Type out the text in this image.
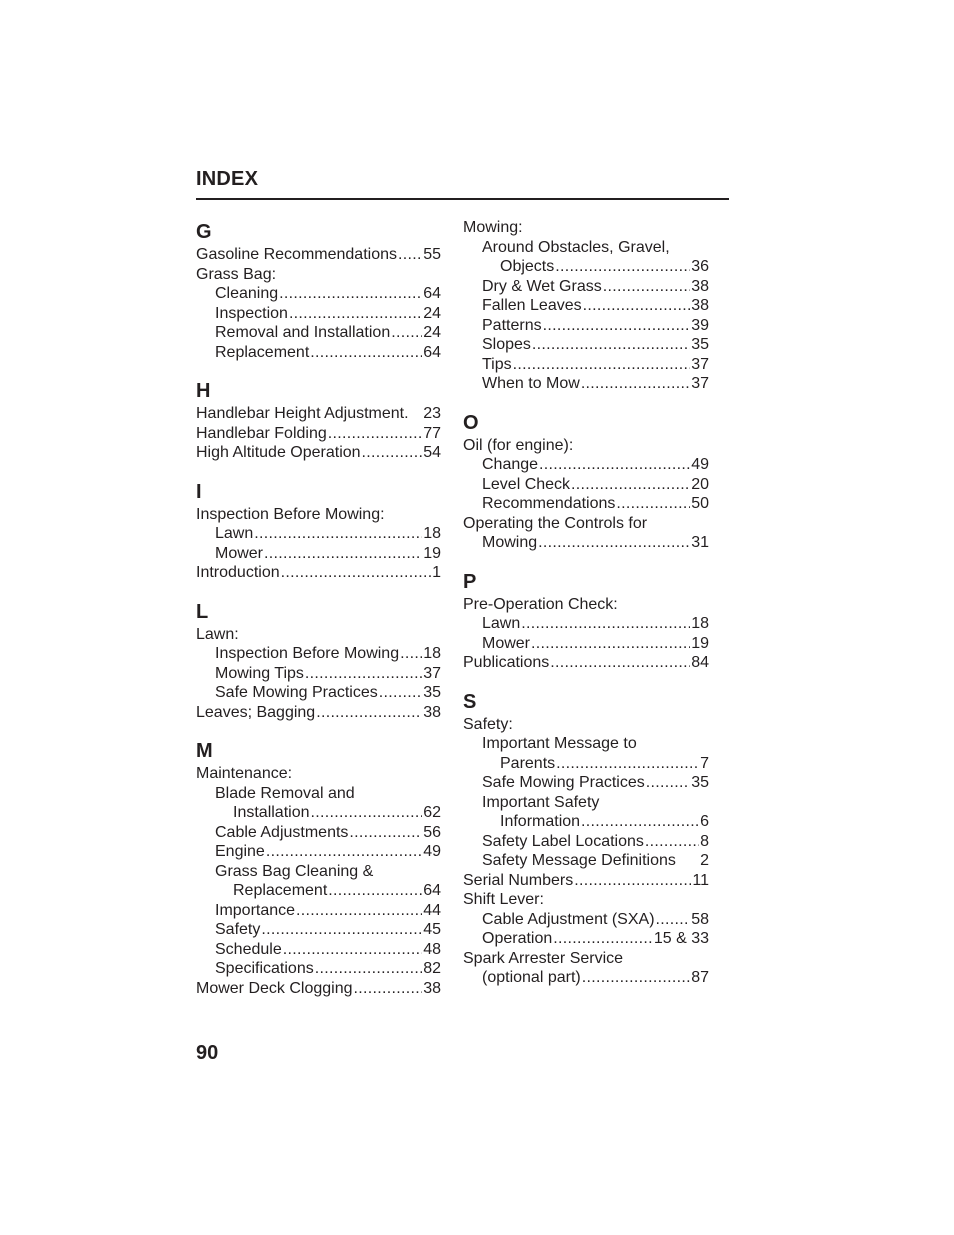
INDEX
G
Gasoline Recommendations ..... 55
Grass Bag:
Cleaning .....	64
Inspection .....	24
Removal and Installation ..... 24
Replacement .....	64
H
Handlebar Height Adjustment. 23
Handlebar Folding .....	77
High Altitude Operation .....	54
I
Inspection Before Mowing:
Lawn .....	18
Mower .....	19
Introduction .....	1
L
Lawn:
Inspection Before Mowing ..... 18
Mowing Tips .....	37
Safe Mowing Practices .....	35
Leaves; Bagging .....	38
M
Maintenance:
Blade Removal and
Installation .....	62
Cable Adjustments .....	56
Engine .....	49
Grass Bag Cleaning &
Replacement .....	64
Importance .....	44
Safety .....	45
Schedule .....	48
Specifications .....	82
Mower Deck Clogging .....	38
Mowing:
Around Obstacles, Gravel,
Objects .....	36
Dry & Wet Grass .....	38
Fallen Leaves .....	38
Patterns .....	39
Slopes .....	35
Tips .....	37
When to Mow .....	37
O
Oil (for engine):
Change .....	49
Level Check .....	20
Recommendations .....	50
Operating the Controls for
Mowing .....	31
P
Pre-Operation Check:
Lawn .....	18
Mower .....	19
Publications .....	84
S
Safety:
Important Message to
Parents .....	7
Safe Mowing Practices .....	35
Important Safety
Information .....	6
Safety Label Locations .....	8
Safety Message Definitions 2
Serial Numbers .....	11
Shift Lever:
Cable Adjustment (SXA) ..... 58
Operation .....	15 & 33
Spark Arrester Service
(optional part) .....	87
90
